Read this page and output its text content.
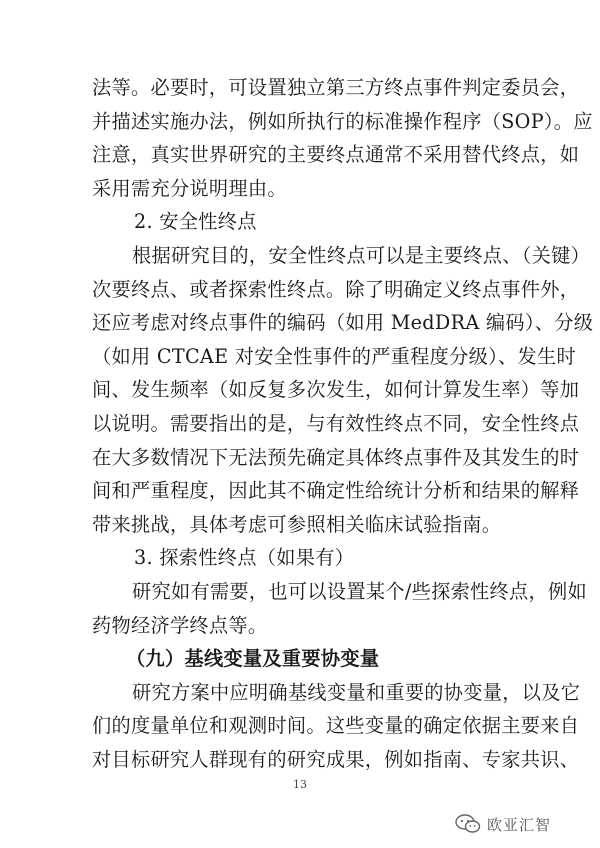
法等。必要时，可设置独立第三方终点事件判定委员会，
并描述实施办法，例如所执行的标准操作程序（SOP）。应
注意，真实世界研究的主要终点通常不采用替代终点，如
采用需充分说明理由。
2. 安全性终点
根据研究目的，安全性终点可以是主要终点、（关键）
次要终点、或者探索性终点。除了明确定义终点事件外，
还应考虑对终点事件的编码（如用 MedDRA 编码）、分级
（如用 CTCAE 对安全性事件的严重程度分级）、发生时
间、发生频率（如反复多次发生，如何计算发生率）等加
以说明。需要指出的是，与有效性终点不同，安全性终点
在大多数情况下无法预先确定具体终点事件及其发生的时
间和严重程度，因此其不确定性给统计分析和结果的解释
带来挑战，具体考虑可参照相关临床试验指南。
3. 探索性终点（如果有）
研究如有需要，也可以设置某个/些探索性终点，例如
药物经济学终点等。
（九）基线变量及重要协变量
研究方案中应明确基线变量和重要的协变量，以及它
们的度量单位和观测时间。这些变量的确定依据主要来自
对目标研究人群现有的研究成果，例如指南、专家共识、
13
欧亚汇智
